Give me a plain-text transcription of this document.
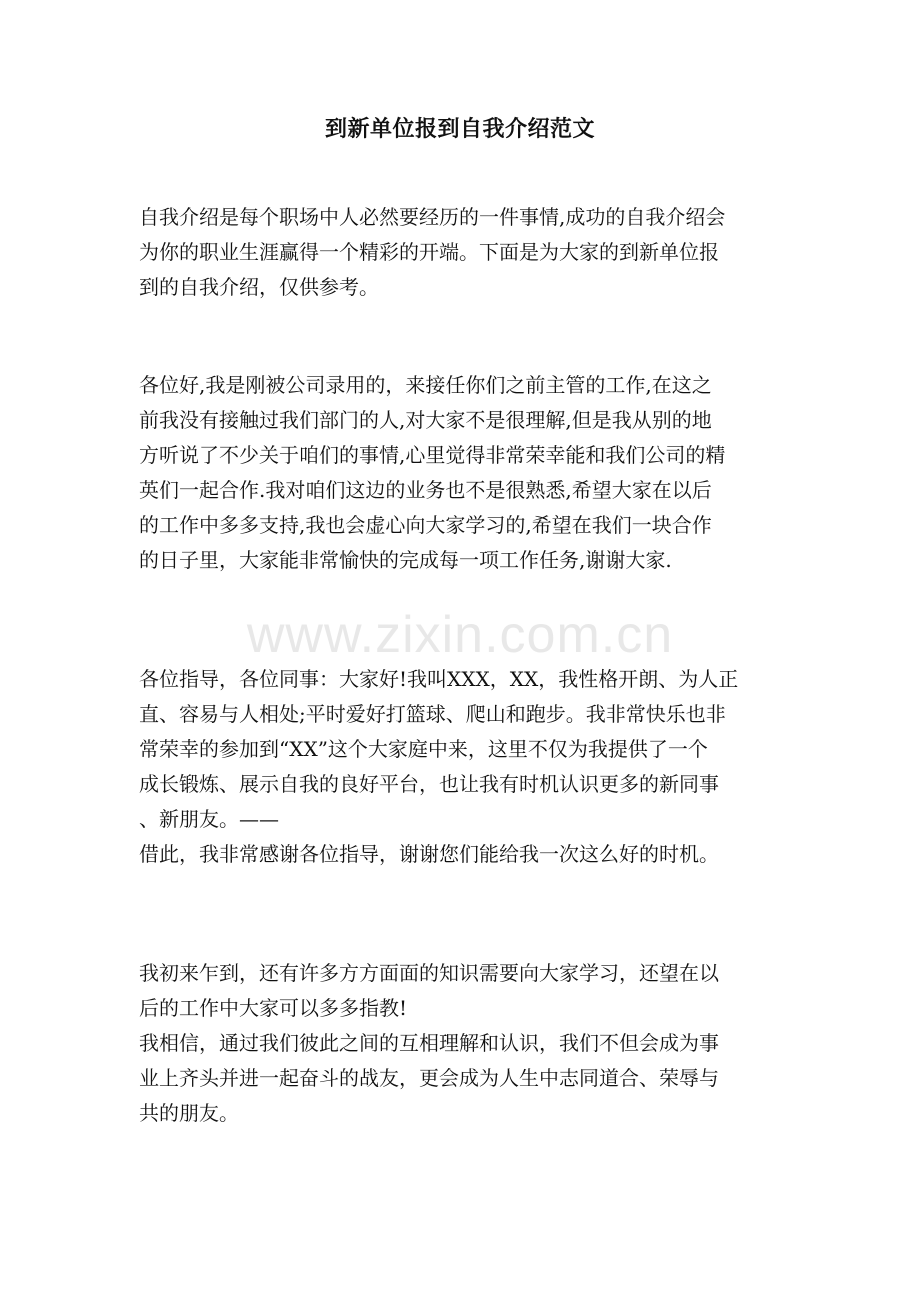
到新单位报到自我介绍范文
www.zixin.com.cn

自我介绍是每个职场中人必然要经历的一件事情,成功的自我介绍会

为你的职业生涯赢得一个精彩的开端。下面是为大家的到新单位报

到的自我介绍，仅供参考。

各位好,我是刚被公司录用的，来接任你们之前主管的工作,在这之

前我没有接触过我们部门的人,对大家不是很理解,但是我从别的地

方听说了不少关于咱们的事情,心里觉得非常荣幸能和我们公司的精

英们一起合作.我对咱们这边的业务也不是很熟悉,希望大家在以后

的工作中多多支持,我也会虚心向大家学习的,希望在我们一块合作

的日子里，大家能非常愉快的完成每一项工作任务,谢谢大家.

各位指导，各位同事：大家好!我叫XXX，XX，我性格开朗、为人正

直、容易与人相处;平时爱好打篮球、爬山和跑步。我非常快乐也非

常荣幸的参加到“XX”这个大家庭中来，这里不仅为我提供了一个

成长锻炼、展示自我的良好平台，也让我有时机认识更多的新同事

、新朋友。——

借此，我非常感谢各位指导，谢谢您们能给我一次这么好的时机。

我初来乍到，还有许多方方面面的知识需要向大家学习，还望在以

后的工作中大家可以多多指教!

我相信，通过我们彼此之间的互相理解和认识，我们不但会成为事

业上齐头并进一起奋斗的战友，更会成为人生中志同道合、荣辱与

共的朋友。
